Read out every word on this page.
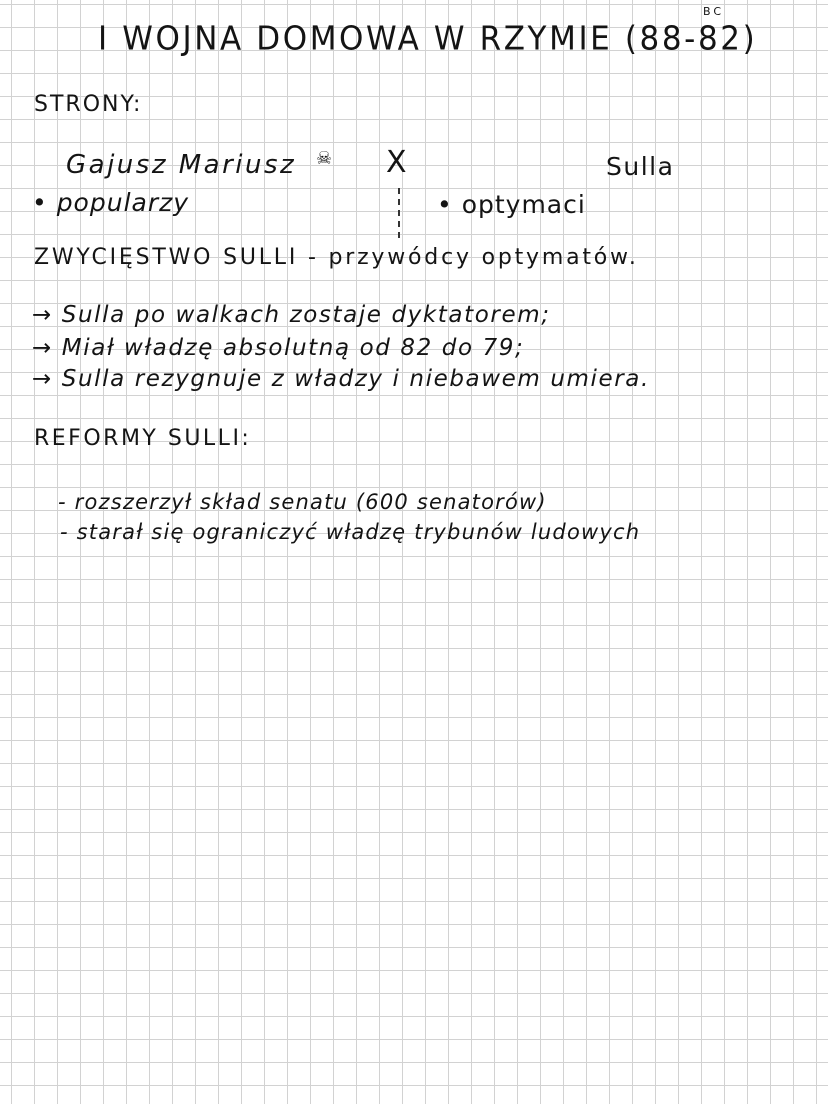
I WOJNA DOMOWA W RZYMIE (88-82)
BC
STRONY:
Gajusz Mariusz ☠ X	Sulla
• popularzy	• optymaci
ZWYCIĘSTWO SULLI - przywódcy optymatów.
→ Sulla po walkach zostaje dyktatorem;
→ Miał władzę absolutną od 82 do 79;
→ Sulla rezygnuje z władzy i niebawem umiera.
REFORMY SULLI:
- rozszerzył skład senatu (600 senatorów)
- starał się ograniczyć władzę trybunów ludowych
